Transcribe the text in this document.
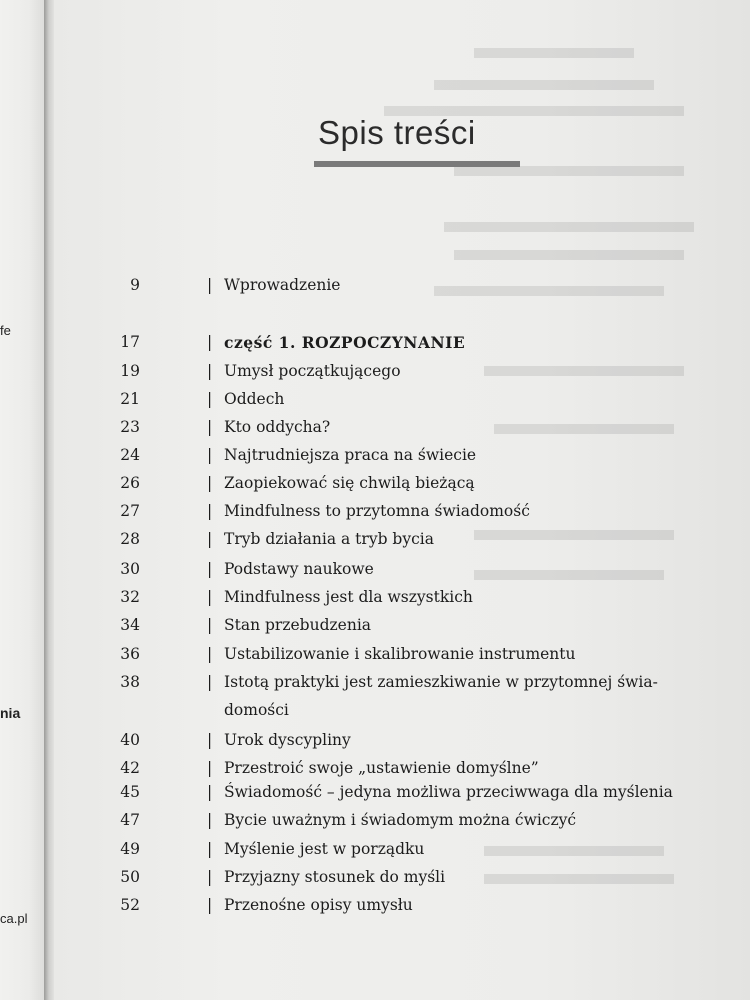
fe
nia
ca.pl
Spis treści
9	| Wprowadzenie
17	| część 1. ROZPOCZYNANIE
19	| Umysł początkującego
21	| Oddech
23	| Kto oddycha?
24	| Najtrudniejsza praca na świecie
26	| Zaopiekować się chwilą bieżącą
27	| Mindfulness to przytomna świadomość
28	| Tryb działania a tryb bycia
30	| Podstawy naukowe
32	| Mindfulness jest dla wszystkich
34	| Stan przebudzenia
36	| Ustabilizowanie i skalibrowanie instrumentu
38	| Istotą praktyki jest zamieszkiwanie w przytomnej świa-
domości
40	| Urok dyscypliny
42	| Przestroić swoje „ustawienie domyślne”
45	| Świadomość – jedyna możliwa przeciwwaga dla myślenia
47	| Bycie uważnym i świadomym można ćwiczyć
49	| Myślenie jest w porządku
50	| Przyjazny stosunek do myśli
52	| Przenośne opisy umysłu
